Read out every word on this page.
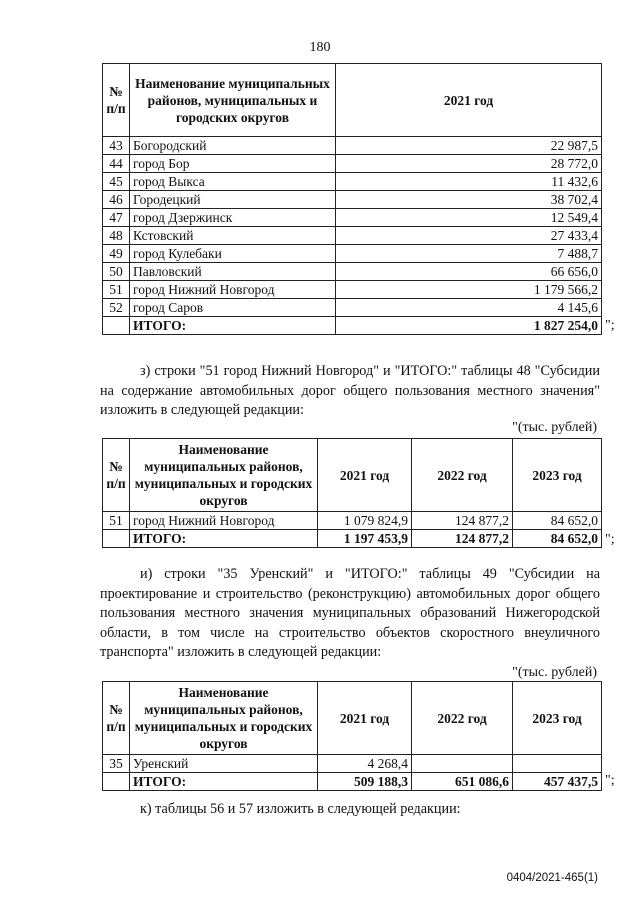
180
№ п/п	Наименование муниципальных районов, муниципальных и городских округов	2021 год
43	Богородский	22 987,5
44	город Бор	28 772,0
45	город Выкса	11 432,6
46	Городецкий	38 702,4
47	город Дзержинск	12 549,4
48	Кстовский	27 433,4
49	город Кулебаки	7 488,7
50	Павловский	66 656,0
51	город Нижний Новгород	1 179 566,2
52	город Саров	4 145,6
	ИТОГО:	1 827 254,0 ";
з) строки "51 город Нижний Новгород" и "ИТОГО:" таблицы 48 "Субсидии на содержание автомобильных дорог общего пользования местного значения" изложить в следующей редакции:
"(тыс. рублей)
№ п/п	Наименование муниципальных районов, муниципальных и городских округов	2021 год	2022 год	2023 год
51	город Нижний Новгород	1 079 824,9	124 877,2	84 652,0
	ИТОГО:	1 197 453,9	124 877,2	84 652,0 ";
и) строки "35 Уренский" и "ИТОГО:" таблицы 49 "Субсидии на проектирование и строительство (реконструкцию) автомобильных дорог общего пользования местного значения муниципальных образований Нижегородской области, в том числе на строительство объектов скоростного внеуличного транспорта" изложить в следующей редакции:
"(тыс. рублей)
№ п/п	Наименование муниципальных районов, муниципальных и городских округов	2021 год	2022 год	2023 год
35	Уренский	4 268,4		
	ИТОГО:	509 188,3	651 086,6	457 437,5 ";
к) таблицы 56 и 57 изложить в следующей редакции:
0404/2021-465(1)
